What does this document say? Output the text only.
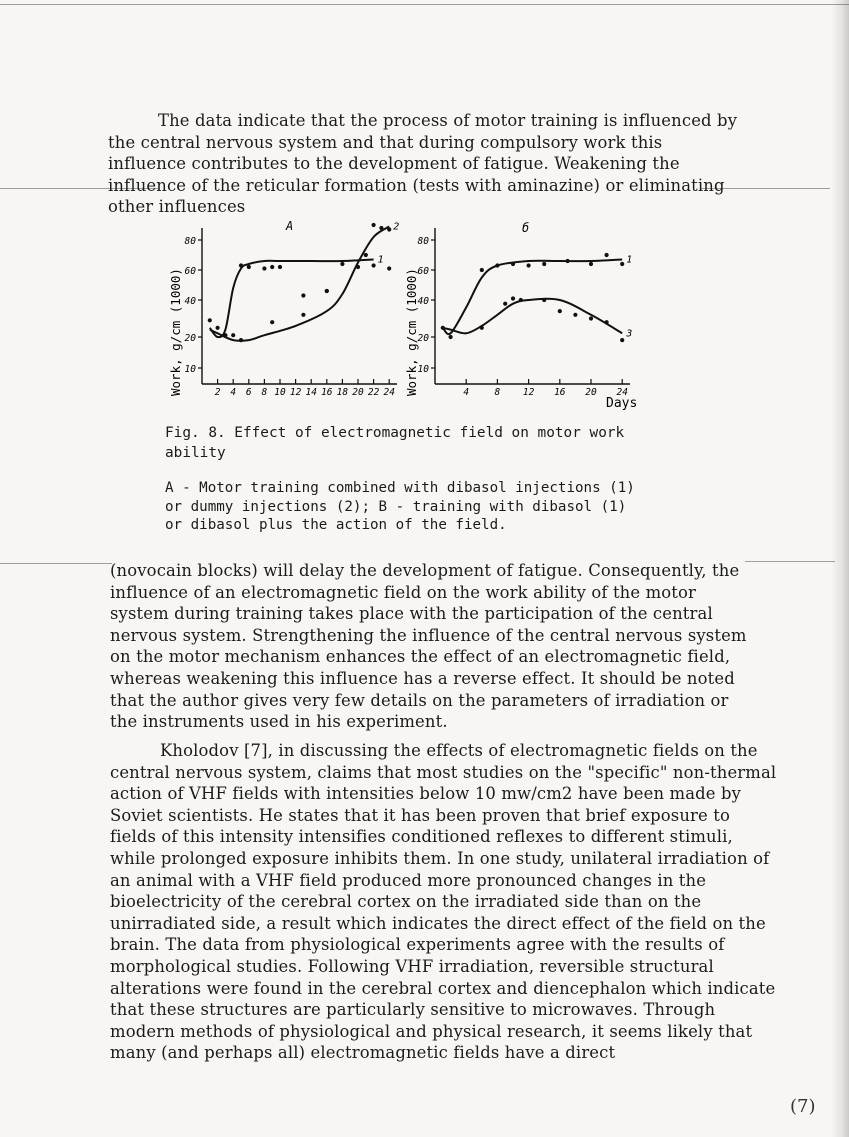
The data indicate that the process of motor training is influenced by the central nervous system and that during compulsory work this influence contributes to the development of fatigue. Weakening the influence of the reticular formation (tests with aminazine) or eliminating other influences

Work, g/cm (1000)	Work, g/cm (1000)
A	б
10
20
40
60
80
2 4 6 8 10 12 14 16 18 20 22 24
1
2
10
20
40
60
80
4	8 12 16 20 24
1
3
Days
Fig. 8. Effect of electromagnetic field on motor work ability
A - Motor training combined with dibasol injections (1) or dummy injections (2); B - training with dibasol (1) or dibasol plus the action of the field.

(novocain blocks) will delay the development of fatigue. Consequently, the influence of an electromagnetic field on the work ability of the motor system during training takes place with the participation of the central nervous system. Strengthening the influence of the central nervous system on the motor mechanism enhances the effect of an electromagnetic field, whereas weakening this influence has a reverse effect. It should be noted that the author gives very few details on the parameters of irradiation or the instruments used in his experiment.

Kholodov [7], in discussing the effects of electromagnetic fields on the central nervous system, claims that most studies on the "specific" non-thermal action of VHF fields with intensities below 10 mw/cm2 have been made by Soviet scientists. He states that it has been proven that brief exposure to fields of this intensity intensifies conditioned reflexes to different stimuli, while prolonged exposure inhibits them. In one study, unilateral irradiation of an animal with a VHF field produced more pronounced changes in the bioelectricity of the cerebral cortex on the irradiated side than on the unirradiated side, a result which indicates the direct effect of the field on the brain. The data from physiological experiments agree with the results of morphological studies. Following VHF irradiation, reversible structural alterations were found in the cerebral cortex and diencephalon which indicate that these structures are particularly sensitive to microwaves. Through modern methods of physiological and physical research, it seems likely that many (and perhaps all) electromagnetic fields have a direct

(7)
